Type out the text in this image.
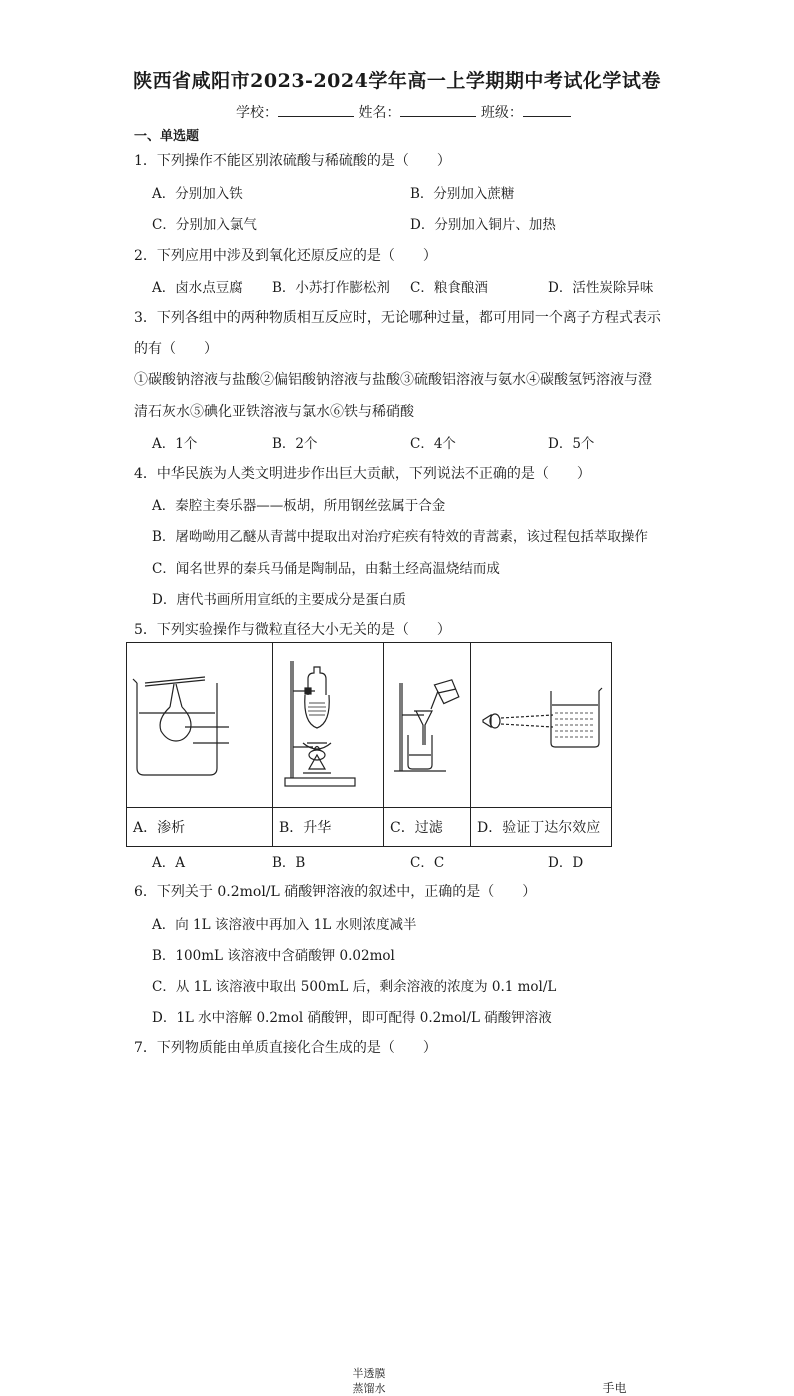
陕西省咸阳市2023-2024学年高一上学期期中考试化学试卷
学校：	姓名：	班级：
一、单选题
1．下列操作不能区别浓硫酸与稀硫酸的是（　　）
A．分别加入铁	B．分别加入蔗糖
C．分别加入氯气	D．分别加入铜片、加热
2．下列应用中涉及到氧化还原反应的是（　　）
A．卤水点豆腐 B．小苏打作膨松剂 C．粮食酿酒	D．活性炭除异味
3．下列各组中的两种物质相互反应时，无论哪种过量，都可用同一个离子方程式表示
的有（　　）
①碳酸钠溶液与盐酸②偏铝酸钠溶液与盐酸③硫酸铝溶液与氨水④碳酸氢钙溶液与澄
清石灰水⑤碘化亚铁溶液与氯水⑥铁与稀硝酸
A．1个	B．2个	C．4个	D．5个
4．中华民族为人类文明进步作出巨大贡献，下列说法不正确的是（　　）
A．秦腔主奏乐器——板胡，所用钢丝弦属于合金
B．屠呦呦用乙醚从青蒿中提取出对治疗疟疾有特效的青蒿素，该过程包括萃取操作
C．闻名世界的秦兵马俑是陶制品，由黏土经高温烧结而成
D．唐代书画所用宣纸的主要成分是蛋白质
5．下列实验操作与微粒直径大小无关的是（　　）
半透膜
蒸馏水			手电

A．渗析	B．升华	C．过滤	D．验证丁达尔效应
A．A	B．B	C．C	D．D
6．下列关于 0.2mol/L 硝酸钾溶液的叙述中，正确的是（　　）
A．向 1L 该溶液中再加入 1L 水则浓度减半
B．100mL 该溶液中含硝酸钾 0.02mol
C．从 1L 该溶液中取出 500mL 后，剩余溶液的浓度为 0.1 mol/L
D．1L 水中溶解 0.2mol 硝酸钾，即可配得 0.2mol/L 硝酸钾溶液
7．下列物质能由单质直接化合生成的是（　　）
